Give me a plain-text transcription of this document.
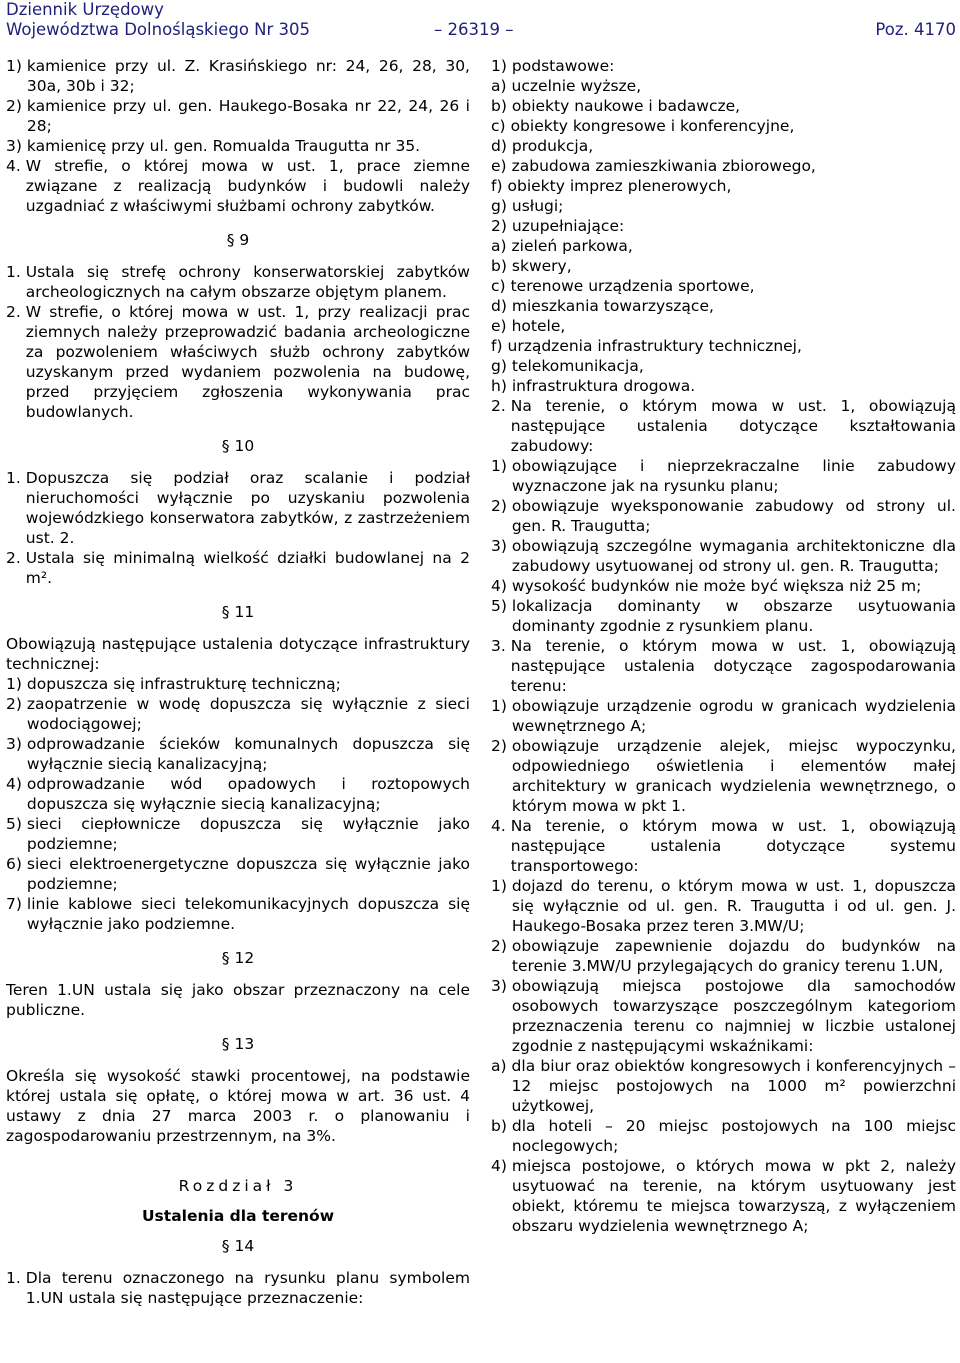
Dziennik Urzędowy
Województwa Dolnośląskiego Nr 305	Poz. 4170
– 26319 –

1) kamienice przy ul. Z. Krasińskiego nr: 24, 26, 28, 30, 30a, 30b i 32;

2) kamienice przy ul. gen. Haukego-Bosaka nr 22, 24, 26 i 28;

3) kamienicę przy ul. gen. Romualda Traugutta nr 35.

4. W strefie, o której mowa w ust. 1, prace ziemne związane z realizacją budynków i budowli należy uzgadniać z właściwymi służbami ochrony zabytków.

§ 9

1. Ustala się strefę ochrony konserwatorskiej zabytków archeologicznych na całym obszarze objętym planem.

2. W strefie, o której mowa w ust. 1, przy realizacji prac ziemnych należy przeprowadzić badania archeologiczne za pozwoleniem właściwych służb ochrony zabytków uzyskanym przed wydaniem pozwolenia na budowę, przed przyjęciem zgłoszenia wykonywania prac budowlanych.

§ 10

1. Dopuszcza się podział oraz scalanie i podział nieruchomości wyłącznie po uzyskaniu pozwolenia wojewódzkiego konserwatora zabytków, z zastrzeżeniem ust. 2.

2. Ustala się minimalną wielkość działki budowlanej na 2 m².

§ 11

Obowiązują następujące ustalenia dotyczące infrastruktury technicznej:

1) dopuszcza się infrastrukturę techniczną;

2) zaopatrzenie w wodę dopuszcza się wyłącznie z sieci wodociągowej;

3) odprowadzanie ścieków komunalnych dopuszcza się wyłącznie siecią kanalizacyjną;

4) odprowadzanie wód opadowych i roztopowych dopuszcza się wyłącznie siecią kanalizacyjną;

5) sieci ciepłownicze dopuszcza się wyłącznie jako podziemne;

6) sieci elektroenergetyczne dopuszcza się wyłącznie jako podziemne;

7) linie kablowe sieci telekomunikacyjnych dopuszcza się wyłącznie jako podziemne.

§ 12

Teren 1.UN ustala się jako obszar przeznaczony na cele publiczne.

§ 13

Określa się wysokość stawki procentowej, na podstawie której ustala się opłatę, o której mowa w art. 36 ust. 4 ustawy z dnia 27 marca 2003 r. o planowaniu i zagospodarowaniu przestrzennym, na 3%.

Rozdział 3

Ustalenia dla terenów

§ 14

1. Dla terenu oznaczonego na rysunku planu symbolem 1.UN ustala się następujące przeznaczenie:

1) podstawowe:

a) uczelnie wyższe,

b) obiekty naukowe i badawcze,

c) obiekty kongresowe i konferencyjne,

d) produkcja,

e) zabudowa zamieszkiwania zbiorowego,

f) obiekty imprez plenerowych,

g) usługi;

2) uzupełniające:

a) zieleń parkowa,

b) skwery,

c) terenowe urządzenia sportowe,

d) mieszkania towarzyszące,

e) hotele,

f) urządzenia infrastruktury technicznej,

g) telekomunikacja,

h) infrastruktura drogowa.

2. Na terenie, o którym mowa w ust. 1, obowiązują następujące ustalenia dotyczące kształtowania zabudowy:

1) obowiązujące i nieprzekraczalne linie zabudowy wyznaczone jak na rysunku planu;

2) obowiązuje wyeksponowanie zabudowy od strony ul. gen. R. Traugutta;

3) obowiązują szczególne wymagania architektoniczne dla zabudowy usytuowanej od strony ul. gen. R. Traugutta;

4) wysokość budynków nie może być większa niż 25 m;

5) lokalizacja dominanty w obszarze usytuowania dominanty zgodnie z rysunkiem planu.

3. Na terenie, o którym mowa w ust. 1, obowiązują następujące ustalenia dotyczące zagospodarowania terenu:

1) obowiązuje urządzenie ogrodu w granicach wydzielenia wewnętrznego A;

2) obowiązuje urządzenie alejek, miejsc wypoczynku, odpowiedniego oświetlenia i elementów małej architektury w granicach wydzielenia wewnętrznego, o którym mowa w pkt 1.

4. Na terenie, o którym mowa w ust. 1, obowiązują następujące ustalenia dotyczące systemu transportowego:

1) dojazd do terenu, o którym mowa w ust. 1, dopuszcza się wyłącznie od ul. gen. R. Traugutta i od ul. gen. J. Haukego-Bosaka przez teren 3.MW/U;

2) obowiązuje zapewnienie dojazdu do budynków na terenie 3.MW/U przylegających do granicy terenu 1.UN,

3) obowiązują miejsca postojowe dla samochodów osobowych towarzyszące poszczególnym kategoriom przeznaczenia terenu co najmniej w liczbie ustalonej zgodnie z następującymi wskaźnikami:

a) dla biur oraz obiektów kongresowych i konferencyjnych – 12 miejsc postojowych na 1000 m² powierzchni użytkowej,

b) dla hoteli – 20 miejsc postojowych na 100 miejsc noclegowych;

4) miejsca postojowe, o których mowa w pkt 2, należy usytuować na terenie, na którym usytuowany jest obiekt, któremu te miejsca towarzyszą, z wyłączeniem obszaru wydzielenia wewnętrznego A;
